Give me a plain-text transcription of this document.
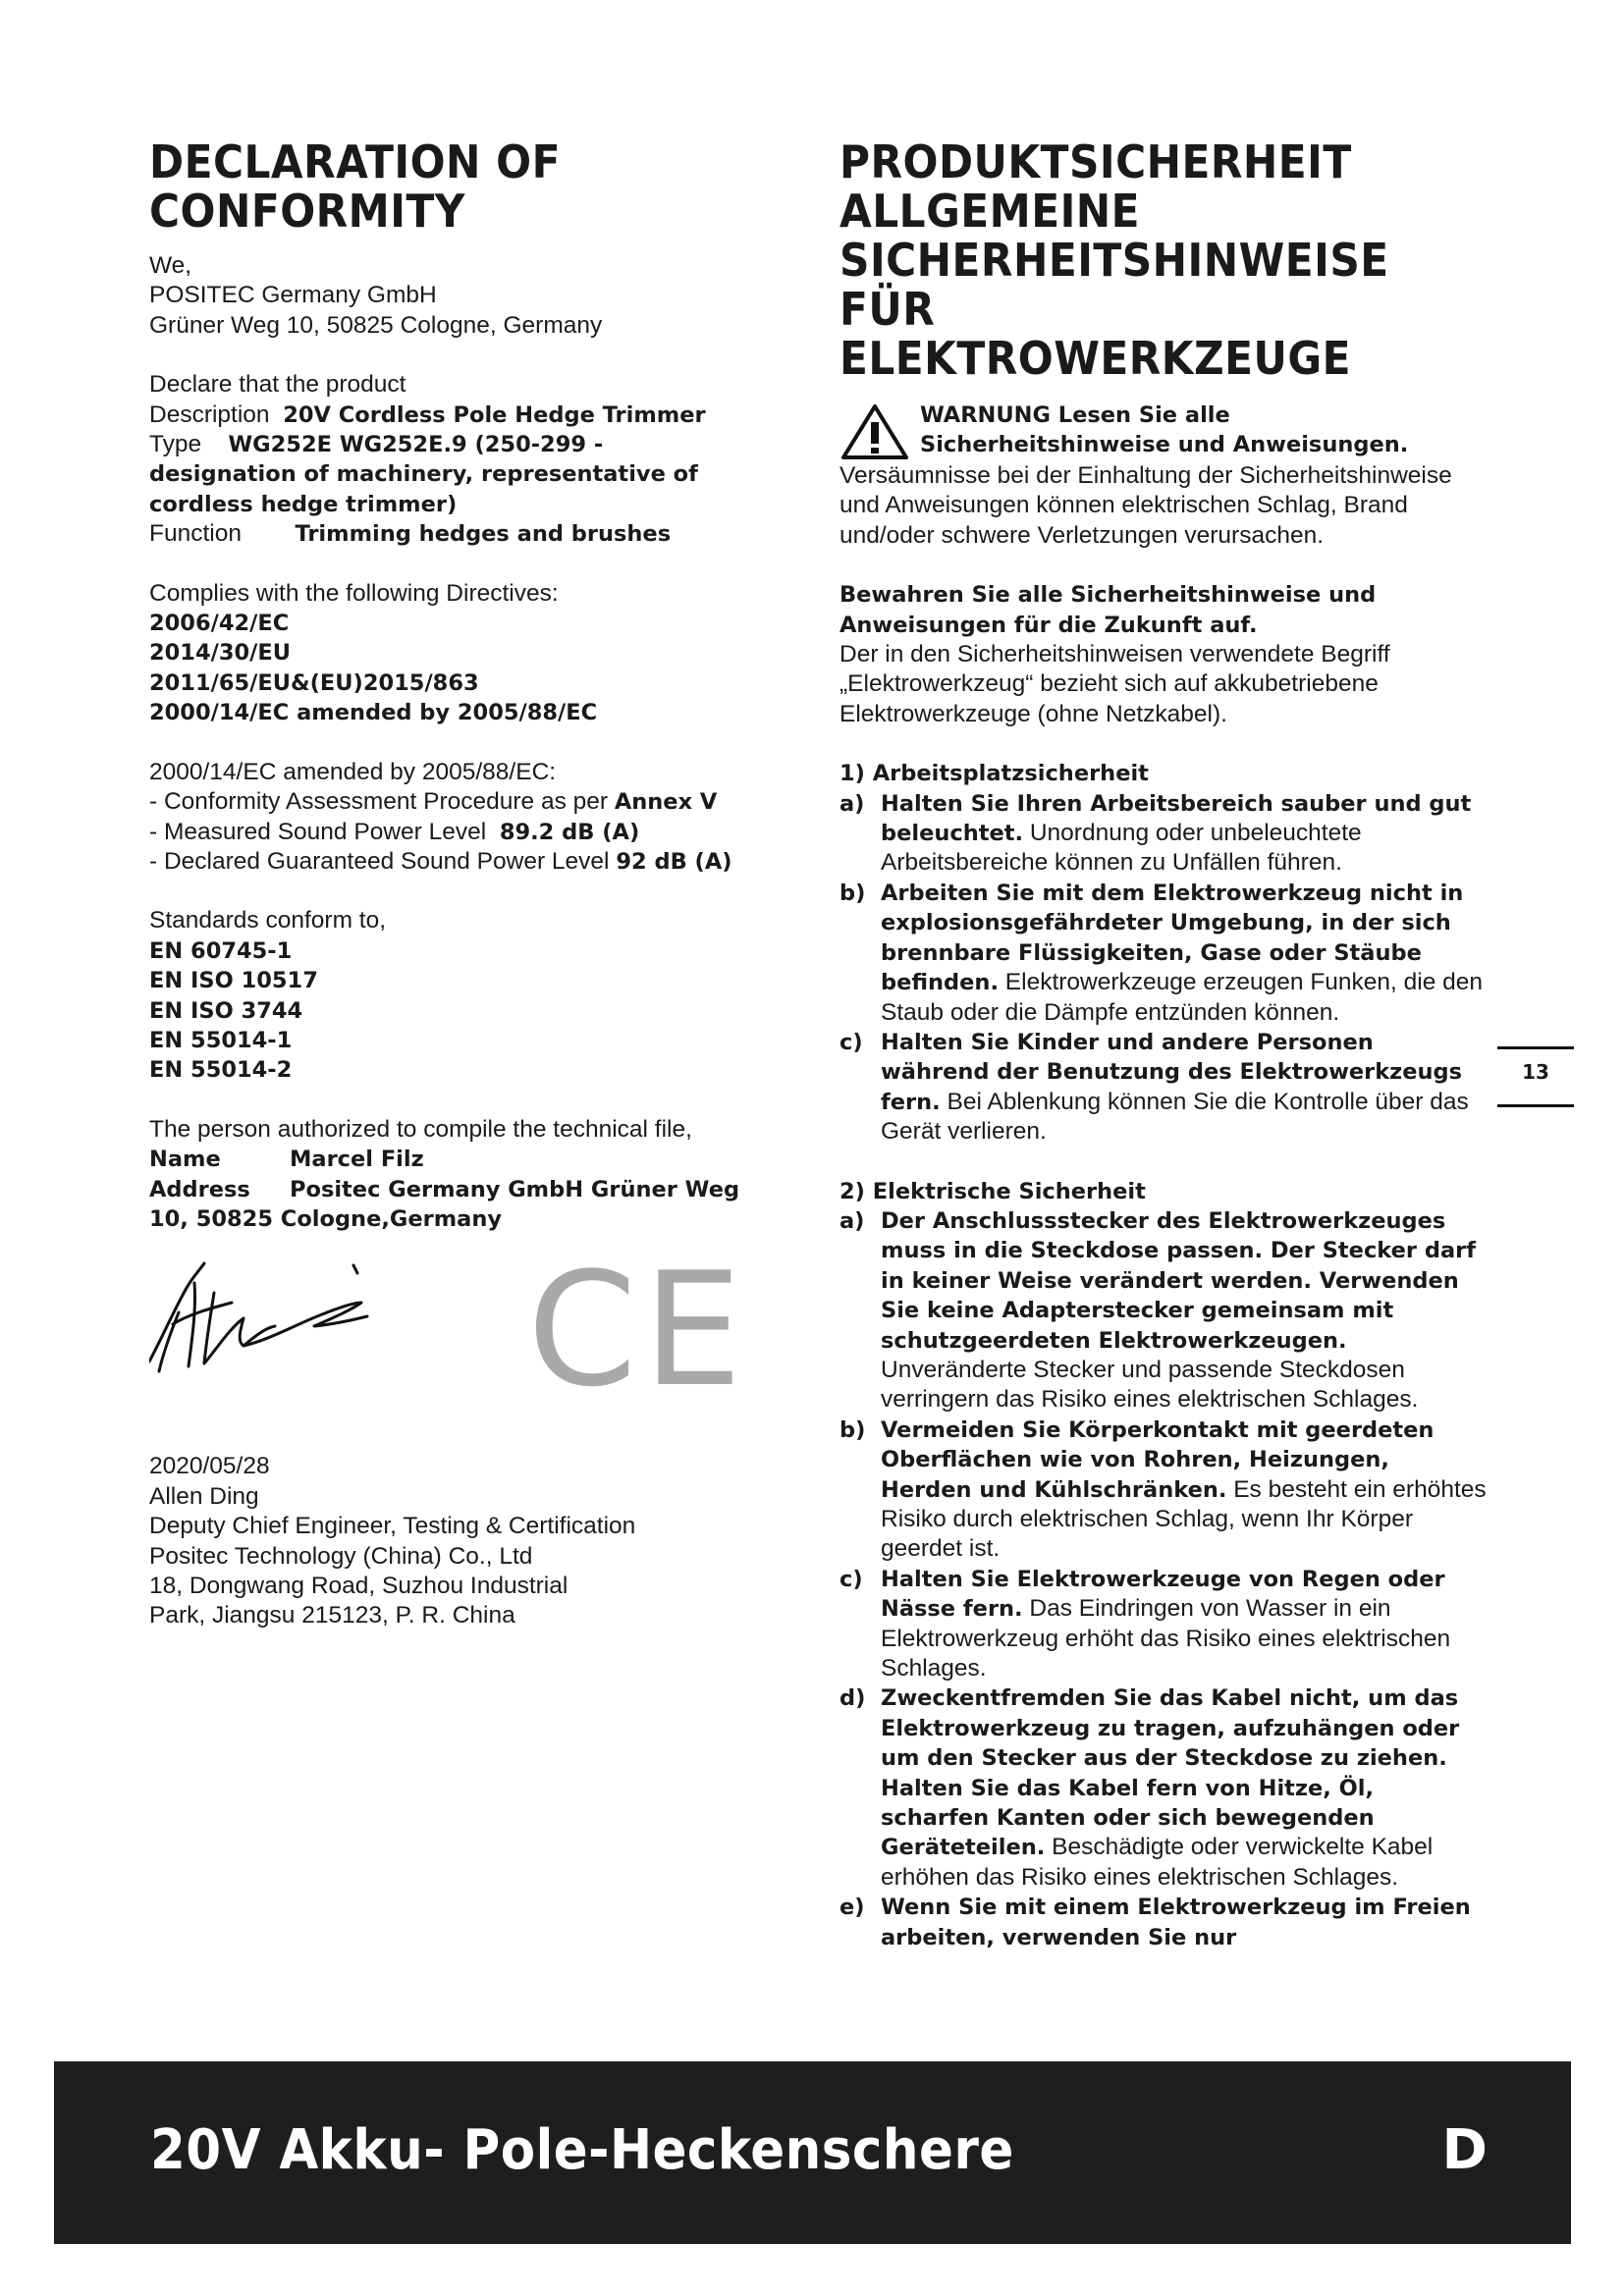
DECLARATION OF
CONFORMITY

We,

POSITEC Germany GmbH

Grüner Weg 10, 50825 Cologne, Germany

Declare that the product

Description 20V Cordless Pole Hedge Trimmer

Type WG252E WG252E.9 (250-299 -

designation of machinery, representative of

cordless hedge trimmer)

Function Trimming hedges and brushes

Complies with the following Directives:

2006/42/EC

2014/30/EU

2011/65/EU&(EU)2015/863

2000/14/EC amended by 2005/88/EC

2000/14/EC amended by 2005/88/EC:

- Conformity Assessment Procedure as per Annex V

- Measured Sound Power Level 89.2 dB (A)

- Declared Guaranteed Sound Power Level 92 dB (A)

Standards conform to,

EN 60745-1

EN ISO 10517

EN ISO 3744

EN 55014-1

EN 55014-2

The person authorized to compile the technical file,

Name	Marcel Filz

Address Positec Germany GmbH Grüner Weg

10, 50825 Cologne,Germany

CE

2020/05/28

Allen Ding

Deputy Chief Engineer, Testing & Certification

Positec Technology (China) Co., Ltd

18, Dongwang Road, Suzhou Industrial

Park, Jiangsu 215123, P. R. China

PRODUKTSICHERHEIT
ALLGEMEINE
SICHERHEITSHINWEISE
FÜR ELEKTROWERKZEUGE

WARNUNG Lesen Sie alle

Sicherheitshinweise und Anweisungen.

Versäumnisse bei der Einhaltung der Sicherheitshinweise und Anweisungen können elektrischen Schlag, Brand und/oder schwere Verletzungen verursachen.

Bewahren Sie alle Sicherheitshinweise und Anweisungen für die Zukunft auf.

Der in den Sicherheitshinweisen verwendete Begriff „Elektrowerkzeug“ bezieht sich auf akkubetriebene Elektrowerkzeuge (ohne Netzkabel).

1) Arbeitsplatzsicherheit

a) Halten Sie Ihren Arbeitsbereich sauber und gut beleuchtet. Unordnung oder unbeleuchtete Arbeitsbereiche können zu Unfällen führen.

b) Arbeiten Sie mit dem Elektrowerkzeug nicht in explosionsgefährdeter Umgebung, in der sich brennbare Flüssigkeiten, Gase oder Stäube befinden. Elektrowerkzeuge erzeugen Funken, die den Staub oder die Dämpfe entzünden können.

c) Halten Sie Kinder und andere Personen während der Benutzung des Elektrowerkzeugs fern. Bei Ablenkung können Sie die Kontrolle über das Gerät verlieren.

2) Elektrische Sicherheit

a) Der Anschlussstecker des Elektrowerkzeuges muss in die Steckdose passen. Der Stecker darf in keiner Weise verändert werden. Verwenden Sie keine Adapterstecker gemeinsam mit schutzgeerdeten Elektrowerkzeugen. Unveränderte Stecker und passende Steckdosen verringern das Risiko eines elektrischen Schlages.

b) Vermeiden Sie Körperkontakt mit geerdeten Oberflächen wie von Rohren, Heizungen, Herden und Kühlschränken. Es besteht ein erhöhtes Risiko durch elektrischen Schlag, wenn Ihr Körper geerdet ist.

c) Halten Sie Elektrowerkzeuge von Regen oder Nässe fern. Das Eindringen von Wasser in ein Elektrowerkzeug erhöht das Risiko eines elektrischen Schlages.

d) Zweckentfremden Sie das Kabel nicht, um das Elektrowerkzeug zu tragen, aufzuhängen oder um den Stecker aus der Steckdose zu ziehen. Halten Sie das Kabel fern von Hitze, Öl, scharfen Kanten oder sich bewegenden Geräteteilen. Beschädigte oder verwickelte Kabel erhöhen das Risiko eines elektrischen Schlages.

e) Wenn Sie mit einem Elektrowerkzeug im Freien arbeiten, verwenden Sie nur

13
20V Akku- Pole-Heckenschere	D
